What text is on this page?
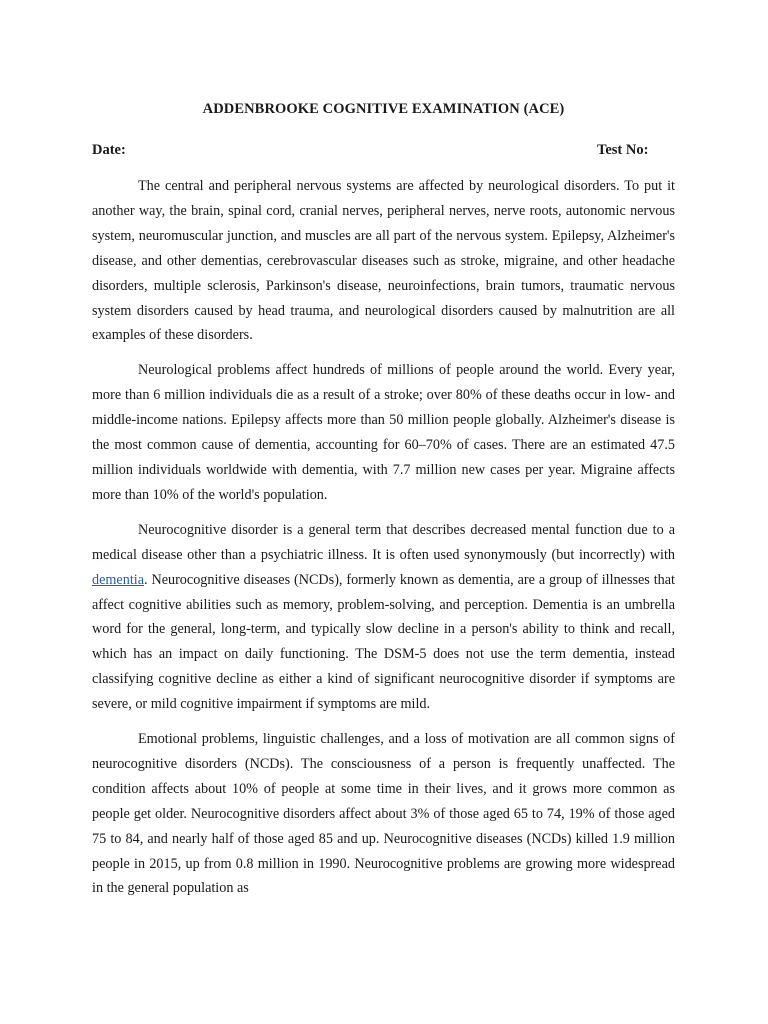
ADDENBROOKE COGNITIVE EXAMINATION (ACE)
Date:	Test No:

The central and peripheral nervous systems are affected by neurological disorders. To put it another way, the brain, spinal cord, cranial nerves, peripheral nerves, nerve roots, autonomic nervous system, neuromuscular junction, and muscles are all part of the nervous system. Epilepsy, Alzheimer's disease, and other dementias, cerebrovascular diseases such as stroke, migraine, and other headache disorders, multiple sclerosis, Parkinson's disease, neuroinfections, brain tumors, traumatic nervous system disorders caused by head trauma, and neurological disorders caused by malnutrition are all examples of these disorders.

Neurological problems affect hundreds of millions of people around the world. Every year, more than 6 million individuals die as a result of a stroke; over 80% of these deaths occur in low- and middle-income nations. Epilepsy affects more than 50 million people globally. Alzheimer's disease is the most common cause of dementia, accounting for 60–70% of cases. There are an estimated 47.5 million individuals worldwide with dementia, with 7.7 million new cases per year. Migraine affects more than 10% of the world's population.

Neurocognitive disorder is a general term that describes decreased mental function due to a medical disease other than a psychiatric illness. It is often used synonymously (but incorrectly) with dementia. Neurocognitive diseases (NCDs), formerly known as dementia, are a group of illnesses that affect cognitive abilities such as memory, problem-solving, and perception. Dementia is an umbrella word for the general, long-term, and typically slow decline in a person's ability to think and recall, which has an impact on daily functioning. The DSM-5 does not use the term dementia, instead classifying cognitive decline as either a kind of significant neurocognitive disorder if symptoms are severe, or mild cognitive impairment if symptoms are mild.

Emotional problems, linguistic challenges, and a loss of motivation are all common signs of neurocognitive disorders (NCDs). The consciousness of a person is frequently unaffected. The condition affects about 10% of people at some time in their lives, and it grows more common as people get older. Neurocognitive disorders affect about 3% of those aged 65 to 74, 19% of those aged 75 to 84, and nearly half of those aged 85 and up. Neurocognitive diseases (NCDs) killed 1.9 million people in 2015, up from 0.8 million in 1990. Neurocognitive problems are growing more widespread in the general population as
